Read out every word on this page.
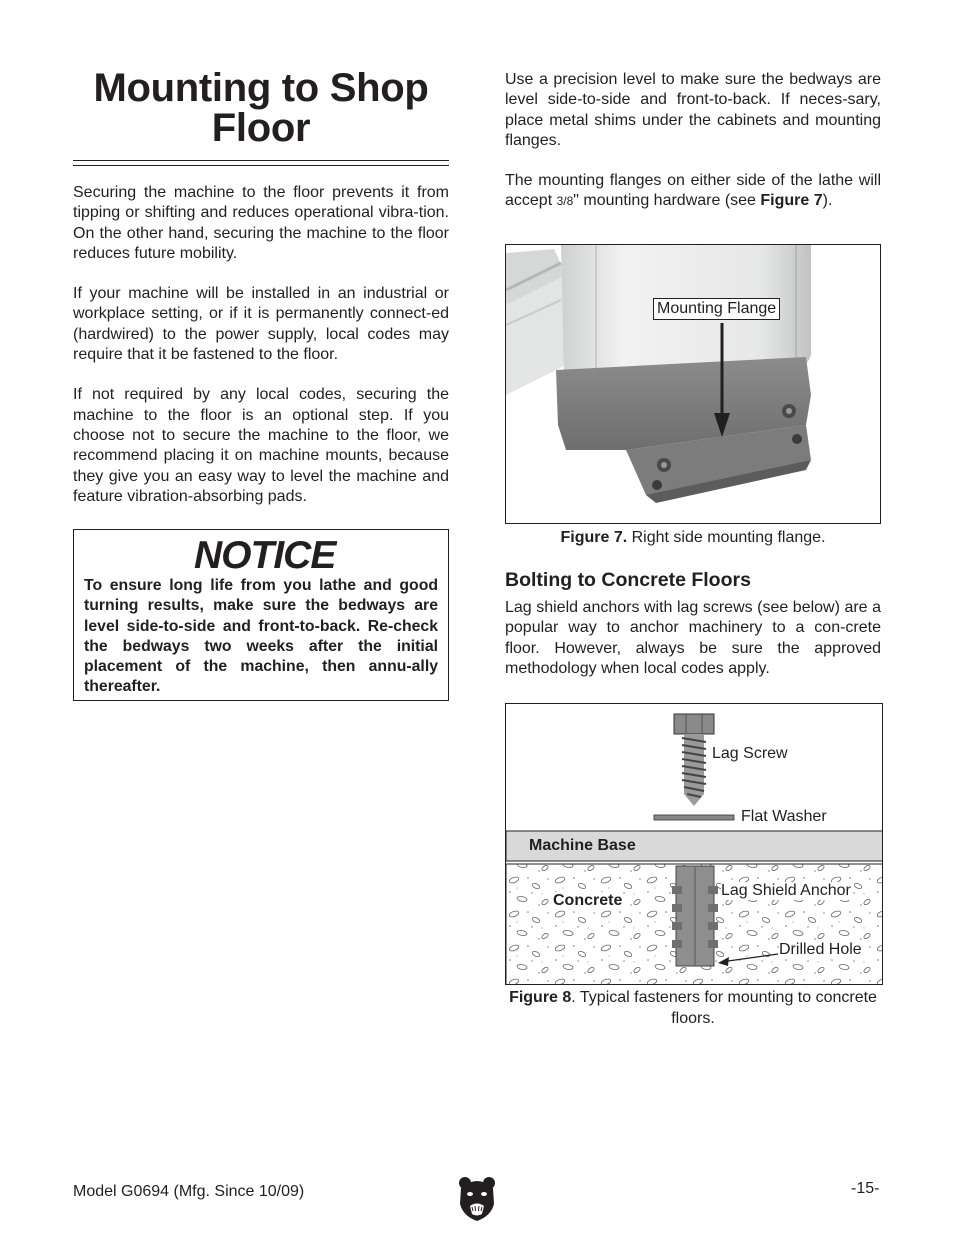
Mounting to Shop Floor

Securing the machine to the floor prevents it from tipping or shifting and reduces operational vibra-tion. On the other hand, securing the machine to the floor reduces future mobility.

If your machine will be installed in an industrial or workplace setting, or if it is permanently connect-ed (hardwired) to the power supply, local codes may require that it be fastened to the floor.

If not required by any local codes, securing the machine to the floor is an optional step. If you choose not to secure the machine to the floor, we recommend placing it on machine mounts, because they give you an easy way to level the machine and feature vibration-absorbing pads.

NOTICE

To ensure long life from you lathe and good turning results, make sure the bedways are level side-to-side and front-to-back. Re-check the bedways two weeks after the initial placement of the machine, then annu-ally thereafter.

Use a precision level to make sure the bedways are level side-to-side and front-to-back. If neces-sary, place metal shims under the cabinets and mounting flanges.

The mounting flanges on either side of the lathe will accept 3/8" mounting hardware (see Figure 7).

Mounting Flange
Figure 7. Right side mounting flange.
Bolting to Concrete Floors

Lag shield anchors with lag screws (see below) are a popular way to anchor machinery to a con-crete floor. However, always be sure the approved methodology when local codes apply.

Lag Screw
Flat Washer
Machine Base
Concrete
Lag Shield Anchor
Drilled Hole
Figure 8. Typical fasteners for mounting to concrete floors.
Model G0694 (Mfg. Since 10/09)	-15-
